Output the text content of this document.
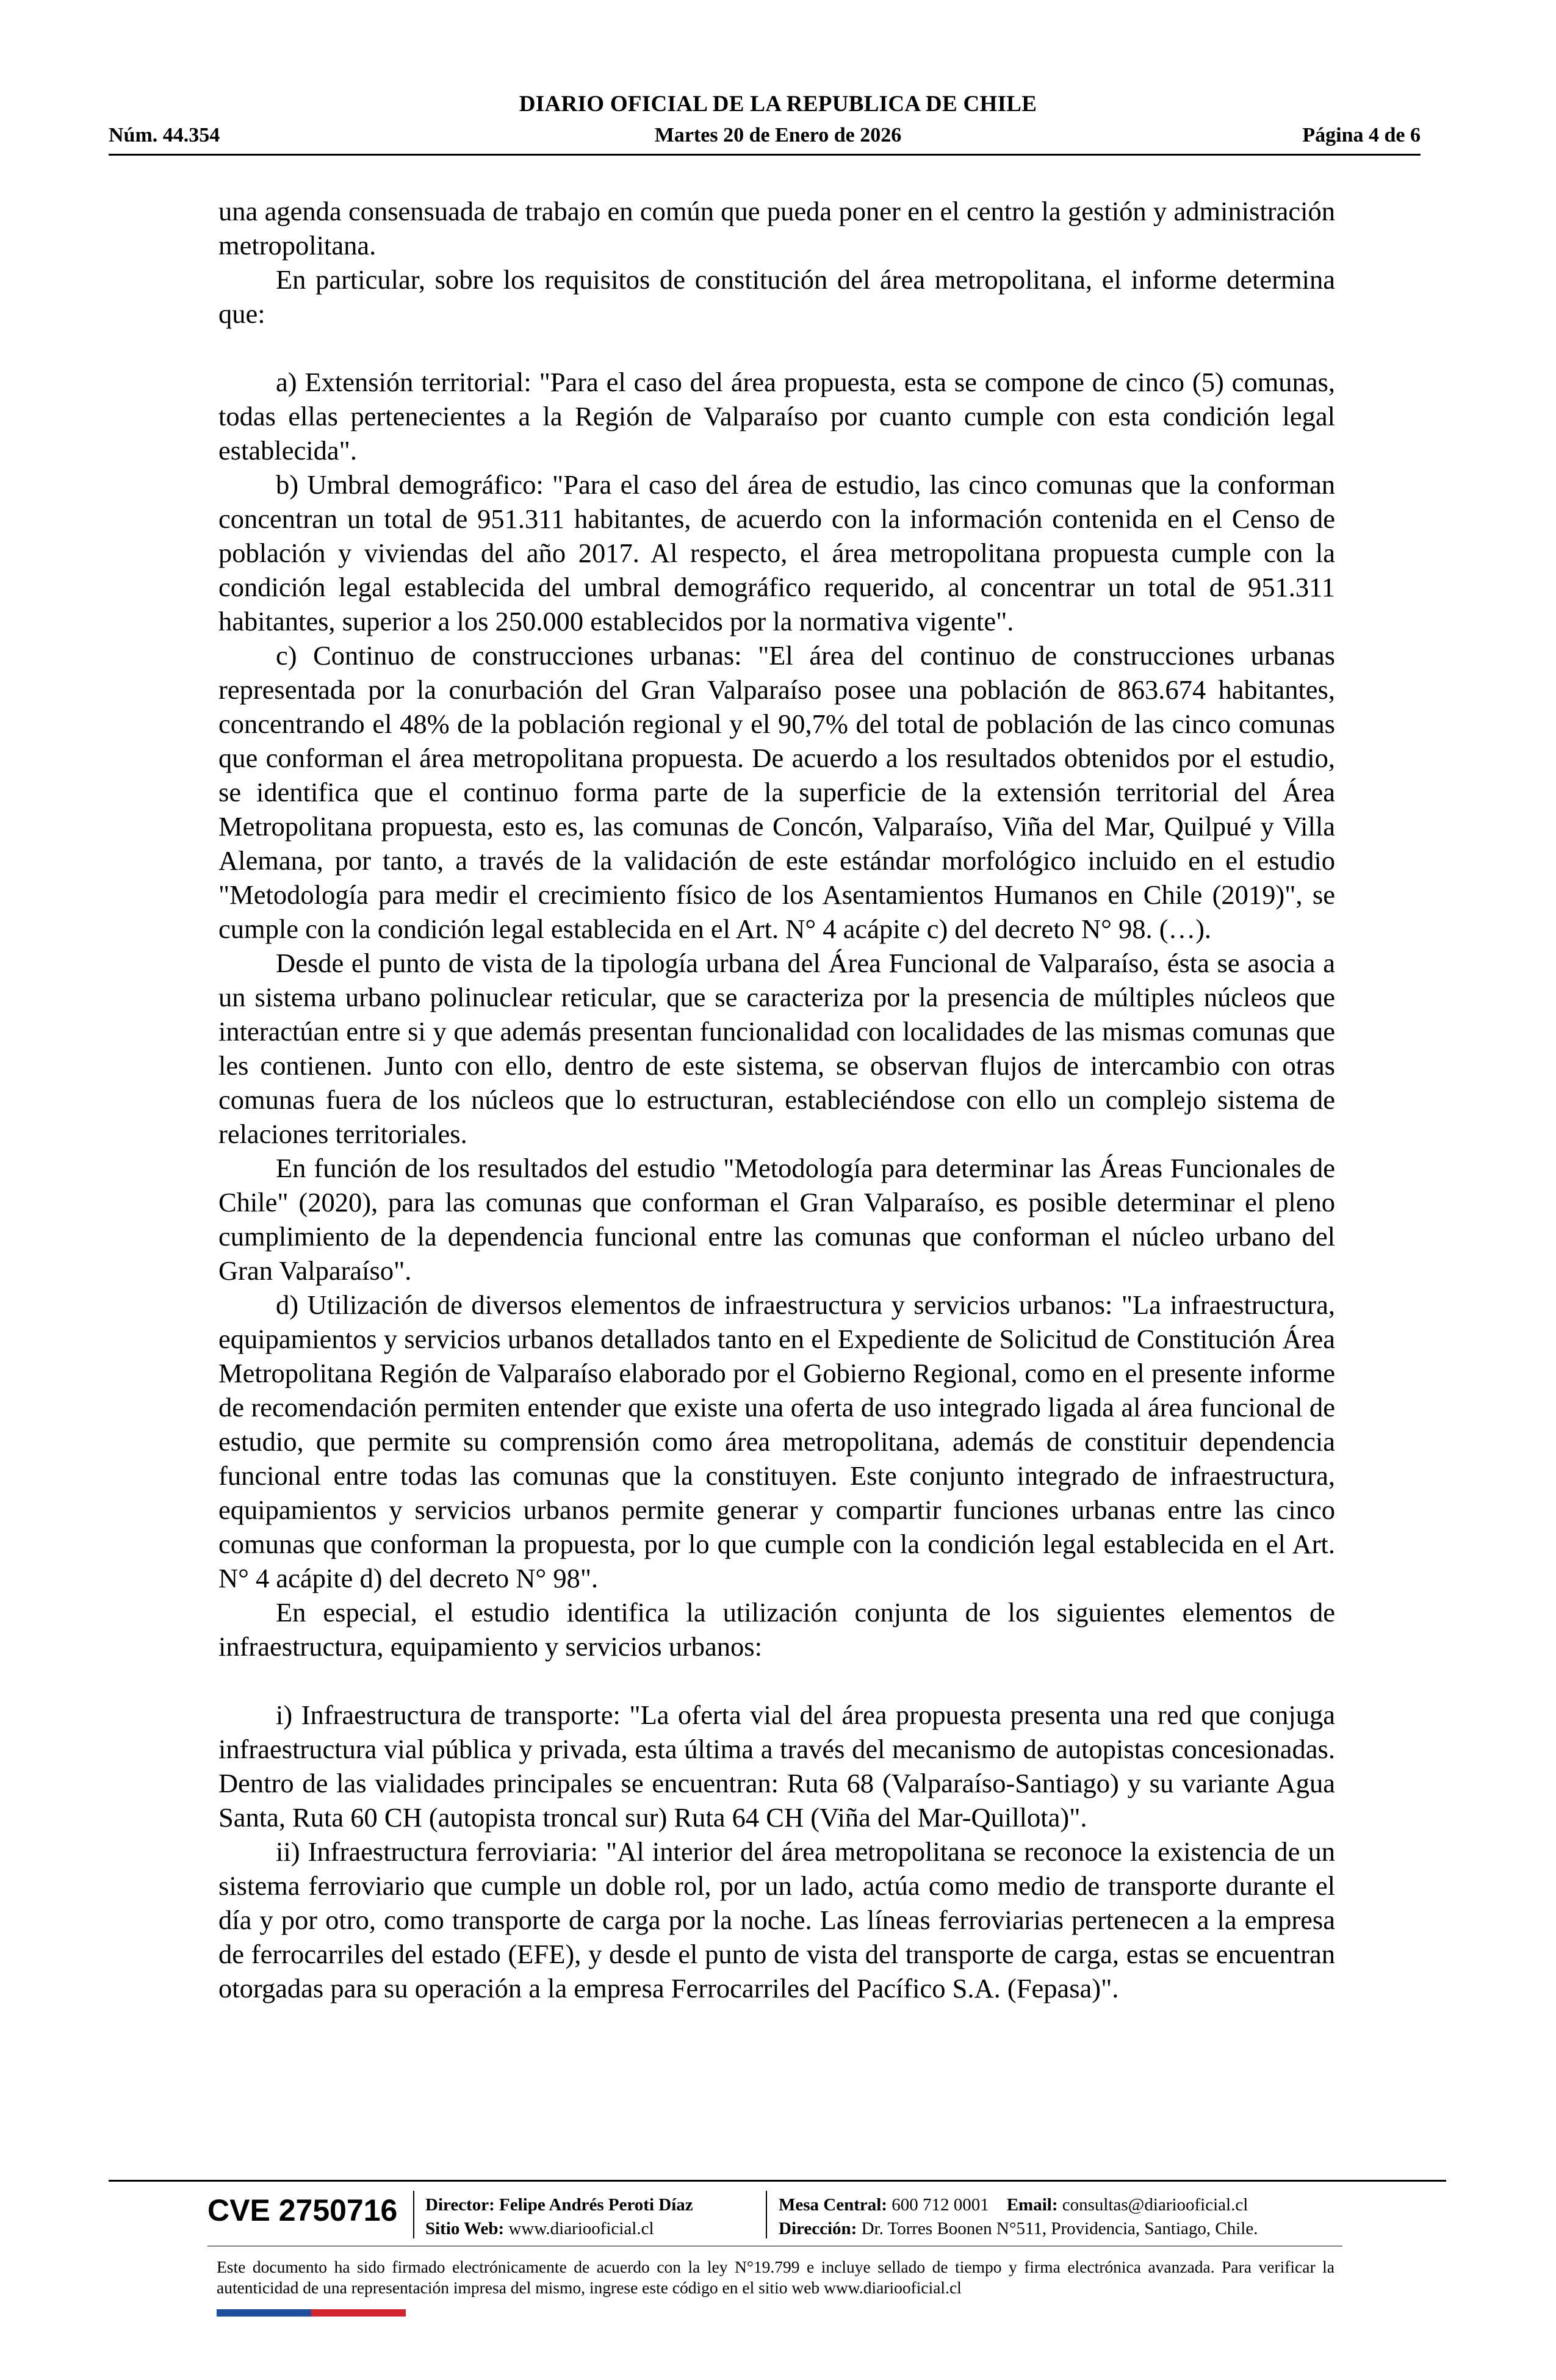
DIARIO OFICIAL DE LA REPUBLICA DE CHILE
Núm. 44.354	Martes 20 de Enero de 2026	Página 4 de 6

una agenda consensuada de trabajo en común que pueda poner en el centro la gestión y administración metropolitana.

En particular, sobre los requisitos de constitución del área metropolitana, el informe determina que:

a) Extensión territorial: "Para el caso del área propuesta, esta se compone de cinco (5) comunas, todas ellas pertenecientes a la Región de Valparaíso por cuanto cumple con esta condición legal establecida".

b) Umbral demográfico: "Para el caso del área de estudio, las cinco comunas que la conforman concentran un total de 951.311 habitantes, de acuerdo con la información contenida en el Censo de población y viviendas del año 2017. Al respecto, el área metropolitana propuesta cumple con la condición legal establecida del umbral demográfico requerido, al concentrar un total de 951.311 habitantes, superior a los 250.000 establecidos por la normativa vigente".

c) Continuo de construcciones urbanas: "El área del continuo de construcciones urbanas representada por la conurbación del Gran Valparaíso posee una población de 863.674 habitantes, concentrando el 48% de la población regional y el 90,7% del total de población de las cinco comunas que conforman el área metropolitana propuesta. De acuerdo a los resultados obtenidos por el estudio, se identifica que el continuo forma parte de la superficie de la extensión territorial del Área Metropolitana propuesta, esto es, las comunas de Concón, Valparaíso, Viña del Mar, Quilpué y Villa Alemana, por tanto, a través de la validación de este estándar morfológico incluido en el estudio "Metodología para medir el crecimiento físico de los Asentamientos Humanos en Chile (2019)", se cumple con la condición legal establecida en el Art. N° 4 acápite c) del decreto N° 98. (…).

Desde el punto de vista de la tipología urbana del Área Funcional de Valparaíso, ésta se asocia a un sistema urbano polinuclear reticular, que se caracteriza por la presencia de múltiples núcleos que interactúan entre si y que además presentan funcionalidad con localidades de las mismas comunas que les contienen. Junto con ello, dentro de este sistema, se observan flujos de intercambio con otras comunas fuera de los núcleos que lo estructuran, estableciéndose con ello un complejo sistema de relaciones territoriales.

En función de los resultados del estudio "Metodología para determinar las Áreas Funcionales de Chile" (2020), para las comunas que conforman el Gran Valparaíso, es posible determinar el pleno cumplimiento de la dependencia funcional entre las comunas que conforman el núcleo urbano del Gran Valparaíso".

d) Utilización de diversos elementos de infraestructura y servicios urbanos: "La infraestructura, equipamientos y servicios urbanos detallados tanto en el Expediente de Solicitud de Constitución Área Metropolitana Región de Valparaíso elaborado por el Gobierno Regional, como en el presente informe de recomendación permiten entender que existe una oferta de uso integrado ligada al área funcional de estudio, que permite su comprensión como área metropolitana, además de constituir dependencia funcional entre todas las comunas que la constituyen. Este conjunto integrado de infraestructura, equipamientos y servicios urbanos permite generar y compartir funciones urbanas entre las cinco comunas que conforman la propuesta, por lo que cumple con la condición legal establecida en el Art. N° 4 acápite d) del decreto N° 98".

En especial, el estudio identifica la utilización conjunta de los siguientes elementos de infraestructura, equipamiento y servicios urbanos:

i) Infraestructura de transporte: "La oferta vial del área propuesta presenta una red que conjuga infraestructura vial pública y privada, esta última a través del mecanismo de autopistas concesionadas. Dentro de las vialidades principales se encuentran: Ruta 68 (Valparaíso-Santiago) y su variante Agua Santa, Ruta 60 CH (autopista troncal sur) Ruta 64 CH (Viña del Mar-Quillota)".

ii) Infraestructura ferroviaria: "Al interior del área metropolitana se reconoce la existencia de un sistema ferroviario que cumple un doble rol, por un lado, actúa como medio de transporte durante el día y por otro, como transporte de carga por la noche. Las líneas ferroviarias pertenecen a la empresa de ferrocarriles del estado (EFE), y desde el punto de vista del transporte de carga, estas se encuentran otorgadas para su operación a la empresa Ferrocarriles del Pacífico S.A. (Fepasa)".

CVE 2750716 Director: Felipe Andrés Peroti Díaz
Sitio Web: www.diariooficial.cl
Mesa Central: 600 712 0001 Email: consultas@diariooficial.cl
Dirección: Dr. Torres Boonen N°511, Providencia, Santiago, Chile.
Este documento ha sido firmado electrónicamente de acuerdo con la ley N°19.799 e incluye sellado de tiempo y firma electrónica avanzada. Para verificar la autenticidad de una representación impresa del mismo, ingrese este código en el sitio web www.diariooficial.cl
